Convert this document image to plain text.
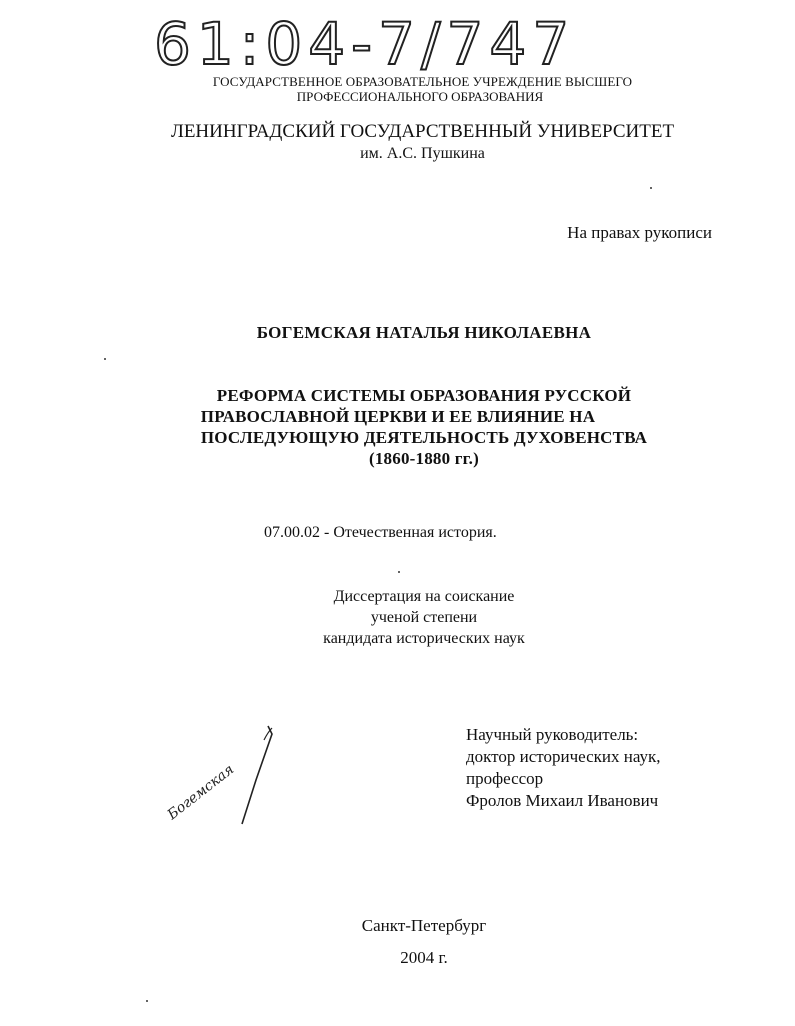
61:04-7/747
ГОСУДАРСТВЕННОЕ ОБРАЗОВАТЕЛЬНОЕ УЧРЕЖДЕНИЕ ВЫСШЕГО
ПРОФЕССИОНАЛЬНОГО ОБРАЗОВАНИЯ
ЛЕНИНГРАДСКИЙ ГОСУДАРСТВЕННЫЙ УНИВЕРСИТЕТ
им. А.С. Пушкина
На правах рукописи
БОГЕМСКАЯ НАТАЛЬЯ НИКОЛАЕВНА
РЕФОРМА СИСТЕМЫ ОБРАЗОВАНИЯ РУССКОЙ
ПРАВОСЛАВНОЙ ЦЕРКВИ И ЕЕ ВЛИЯНИЕ НА
ПОСЛЕДУЮЩУЮ ДЕЯТЕЛЬНОСТЬ ДУХОВЕНСТВА
(1860-1880 гг.)
07.00.02 - Отечественная история.
Диссертация на соискание
ученой степени
кандидата исторических наук
Научный руководитель:
доктор исторических наук,
профессор
Фролов Михаил Иванович
Богемская
Санкт-Петербург
2004 г.
